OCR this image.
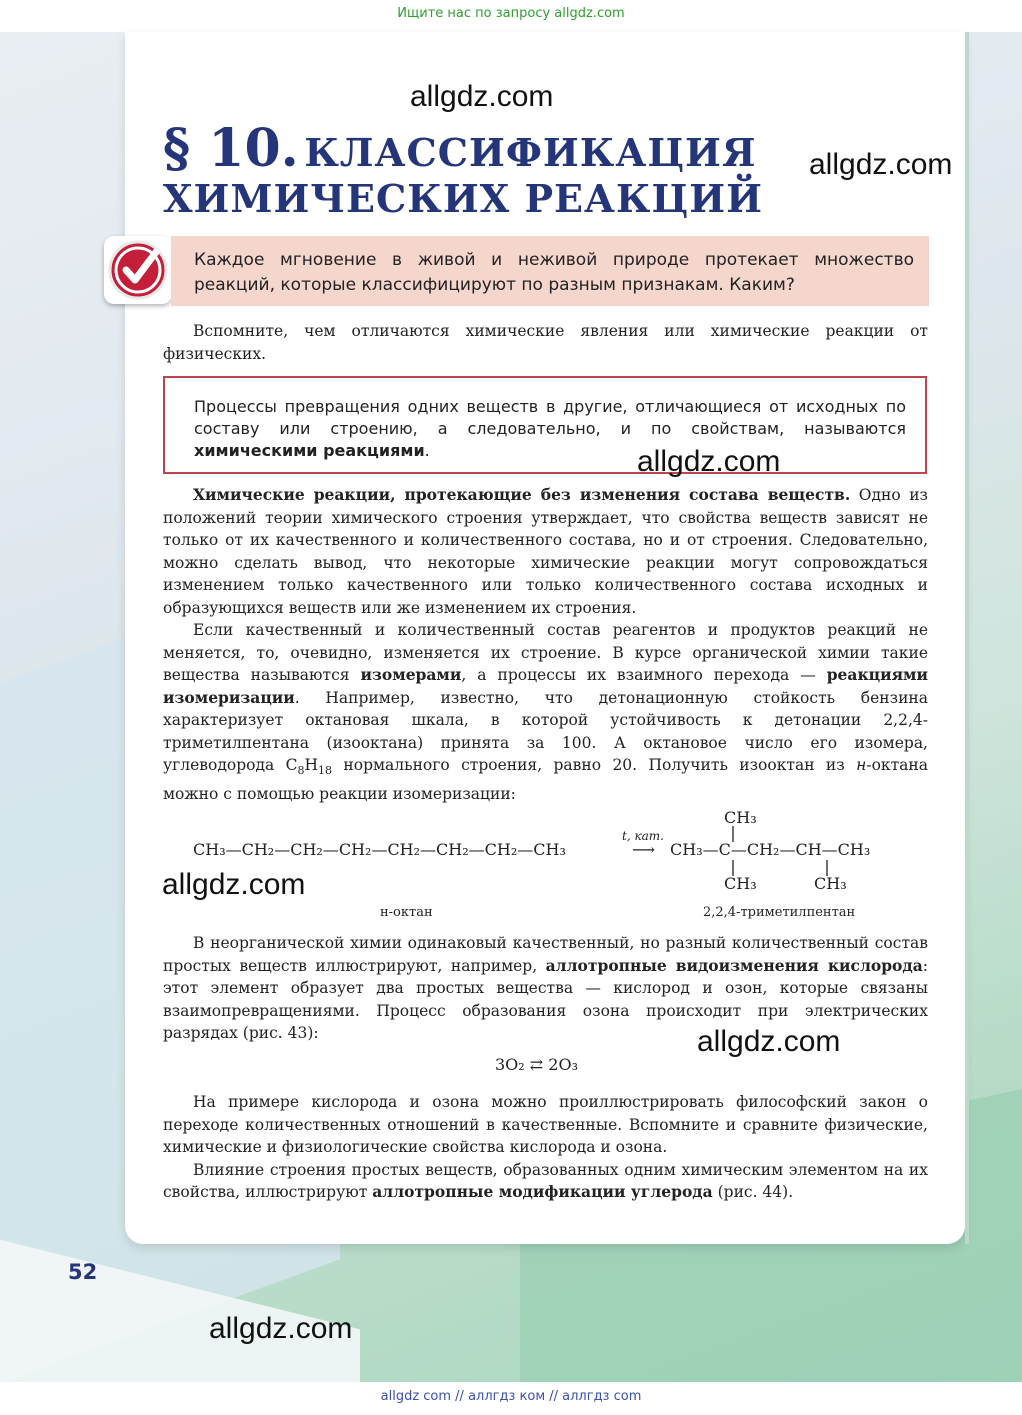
Ищите нас по запросу allgdz.com
§ 10. КЛАССИФИКАЦИЯ
ХИМИЧЕСКИХ РЕАКЦИЙ

Каждое мгновение в живой и неживой природе протекает множество реакций, которые классифицируют по разным признакам. Каким?

Вспомните, чем отличаются химические явления или химические реакции от физических.

Процессы превращения одних веществ в другие, отличающиеся от исходных по составу или строению, а следовательно, и по свойствам, называются химическими реакциями.

Химические реакции, протекающие без изменения состава веществ. Одно из положений теории химического строения утверждает, что свойства веществ зависят не только от их качественного и количественного состава, но и от строения. Следовательно, можно сделать вывод, что некоторые химические реакции могут сопровождаться изменением только качественного или только количественного состава исходных и образующихся веществ или же изменением их строения.

Если качественный и количественный состав реагентов и продуктов реакций не меняется, то, очевидно, изменяется их строение. В курсе органической химии такие вещества называются изомерами, а процессы их взаимного перехода — реакциями изомеризации. Например, известно, что детонационную стойкость бензина характеризует октановая шкала, в которой устойчивость к детонации 2,2,4-триметилпентана (изооктана) принята за 100. А октановое число его изомера, углеводорода $C_8H_{18}$ нормального строения, равно 20. Получить изооктан из н-октана можно с помощью реакции изомеризации:

CH₃—CH₂—CH₂—CH₂—CH₂—CH₂—CH₂—CH₃
t, кат.
⟶ CH₃—C—CH₂—CH—CH₃
CH₃
CH₃	CH₃
н-октан	2,2,4-триметилпентан

В неорганической химии одинаковый качественный, но разный количественный состав простых веществ иллюстрируют, например, аллотропные видоизменения кислорода: этот элемент образует два простых вещества — кислород и озон, которые связаны взаимопревращениями. Процесс образования озона происходит при электрических разрядах (рис. 43):

3O₂ ⇄ 2O₃

На примере кислорода и озона можно проиллюстрировать философский закон о переходе количественных отношений в качественные. Вспомните и сравните физические, химические и физиологические свойства кислорода и озона.

Влияние строения простых веществ, образованных одним химическим элементом на их свойства, иллюстрируют аллотропные модификации углерода (рис. 44).

52
allgdz.com
allgdz.com
allgdz.com
allgdz.com
allgdz.com
allgdz.com
allgdz com // аллгдз ком // аллгдз com
